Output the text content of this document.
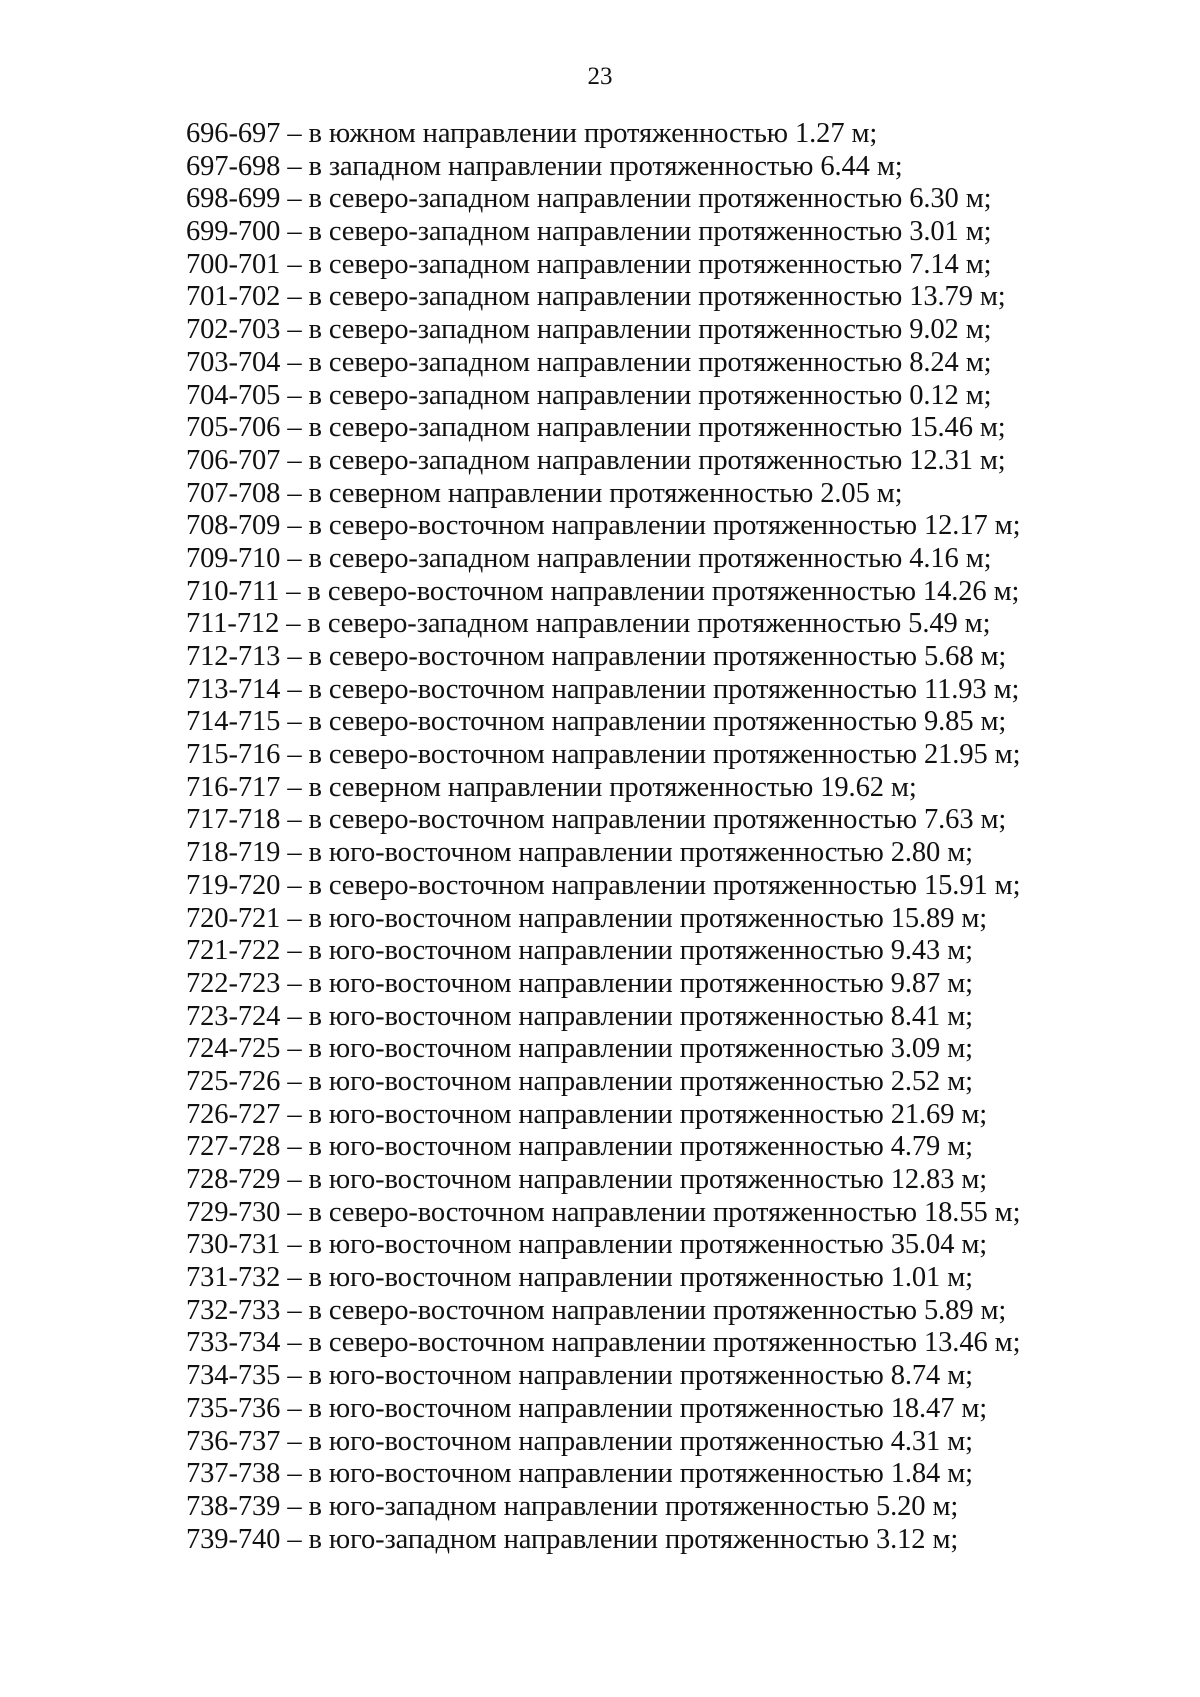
23
696-697 – в южном направлении протяженностью 1.27 м;
697-698 – в западном направлении протяженностью 6.44 м;
698-699 – в северо-западном направлении протяженностью 6.30 м;
699-700 – в северо-западном направлении протяженностью 3.01 м;
700-701 – в северо-западном направлении протяженностью 7.14 м;
701-702 – в северо-западном направлении протяженностью 13.79 м;
702-703 – в северо-западном направлении протяженностью 9.02 м;
703-704 – в северо-западном направлении протяженностью 8.24 м;
704-705 – в северо-западном направлении протяженностью 0.12 м;
705-706 – в северо-западном направлении протяженностью 15.46 м;
706-707 – в северо-западном направлении протяженностью 12.31 м;
707-708 – в северном направлении протяженностью 2.05 м;
708-709 – в северо-восточном направлении протяженностью 12.17 м;
709-710 – в северо-западном направлении протяженностью 4.16 м;
710-711 – в северо-восточном направлении протяженностью 14.26 м;
711-712 – в северо-западном направлении протяженностью 5.49 м;
712-713 – в северо-восточном направлении протяженностью 5.68 м;
713-714 – в северо-восточном направлении протяженностью 11.93 м;
714-715 – в северо-восточном направлении протяженностью 9.85 м;
715-716 – в северо-восточном направлении протяженностью 21.95 м;
716-717 – в северном направлении протяженностью 19.62 м;
717-718 – в северо-восточном направлении протяженностью 7.63 м;
718-719 – в юго-восточном направлении протяженностью 2.80 м;
719-720 – в северо-восточном направлении протяженностью 15.91 м;
720-721 – в юго-восточном направлении протяженностью 15.89 м;
721-722 – в юго-восточном направлении протяженностью 9.43 м;
722-723 – в юго-восточном направлении протяженностью 9.87 м;
723-724 – в юго-восточном направлении протяженностью 8.41 м;
724-725 – в юго-восточном направлении протяженностью 3.09 м;
725-726 – в юго-восточном направлении протяженностью 2.52 м;
726-727 – в юго-восточном направлении протяженностью 21.69 м;
727-728 – в юго-восточном направлении протяженностью 4.79 м;
728-729 – в юго-восточном направлении протяженностью 12.83 м;
729-730 – в северо-восточном направлении протяженностью 18.55 м;
730-731 – в юго-восточном направлении протяженностью 35.04 м;
731-732 – в юго-восточном направлении протяженностью 1.01 м;
732-733 – в северо-восточном направлении протяженностью 5.89 м;
733-734 – в северо-восточном направлении протяженностью 13.46 м;
734-735 – в юго-восточном направлении протяженностью 8.74 м;
735-736 – в юго-восточном направлении протяженностью 18.47 м;
736-737 – в юго-восточном направлении протяженностью 4.31 м;
737-738 – в юго-восточном направлении протяженностью 1.84 м;
738-739 – в юго-западном направлении протяженностью 5.20 м;
739-740 – в юго-западном направлении протяженностью 3.12 м;
